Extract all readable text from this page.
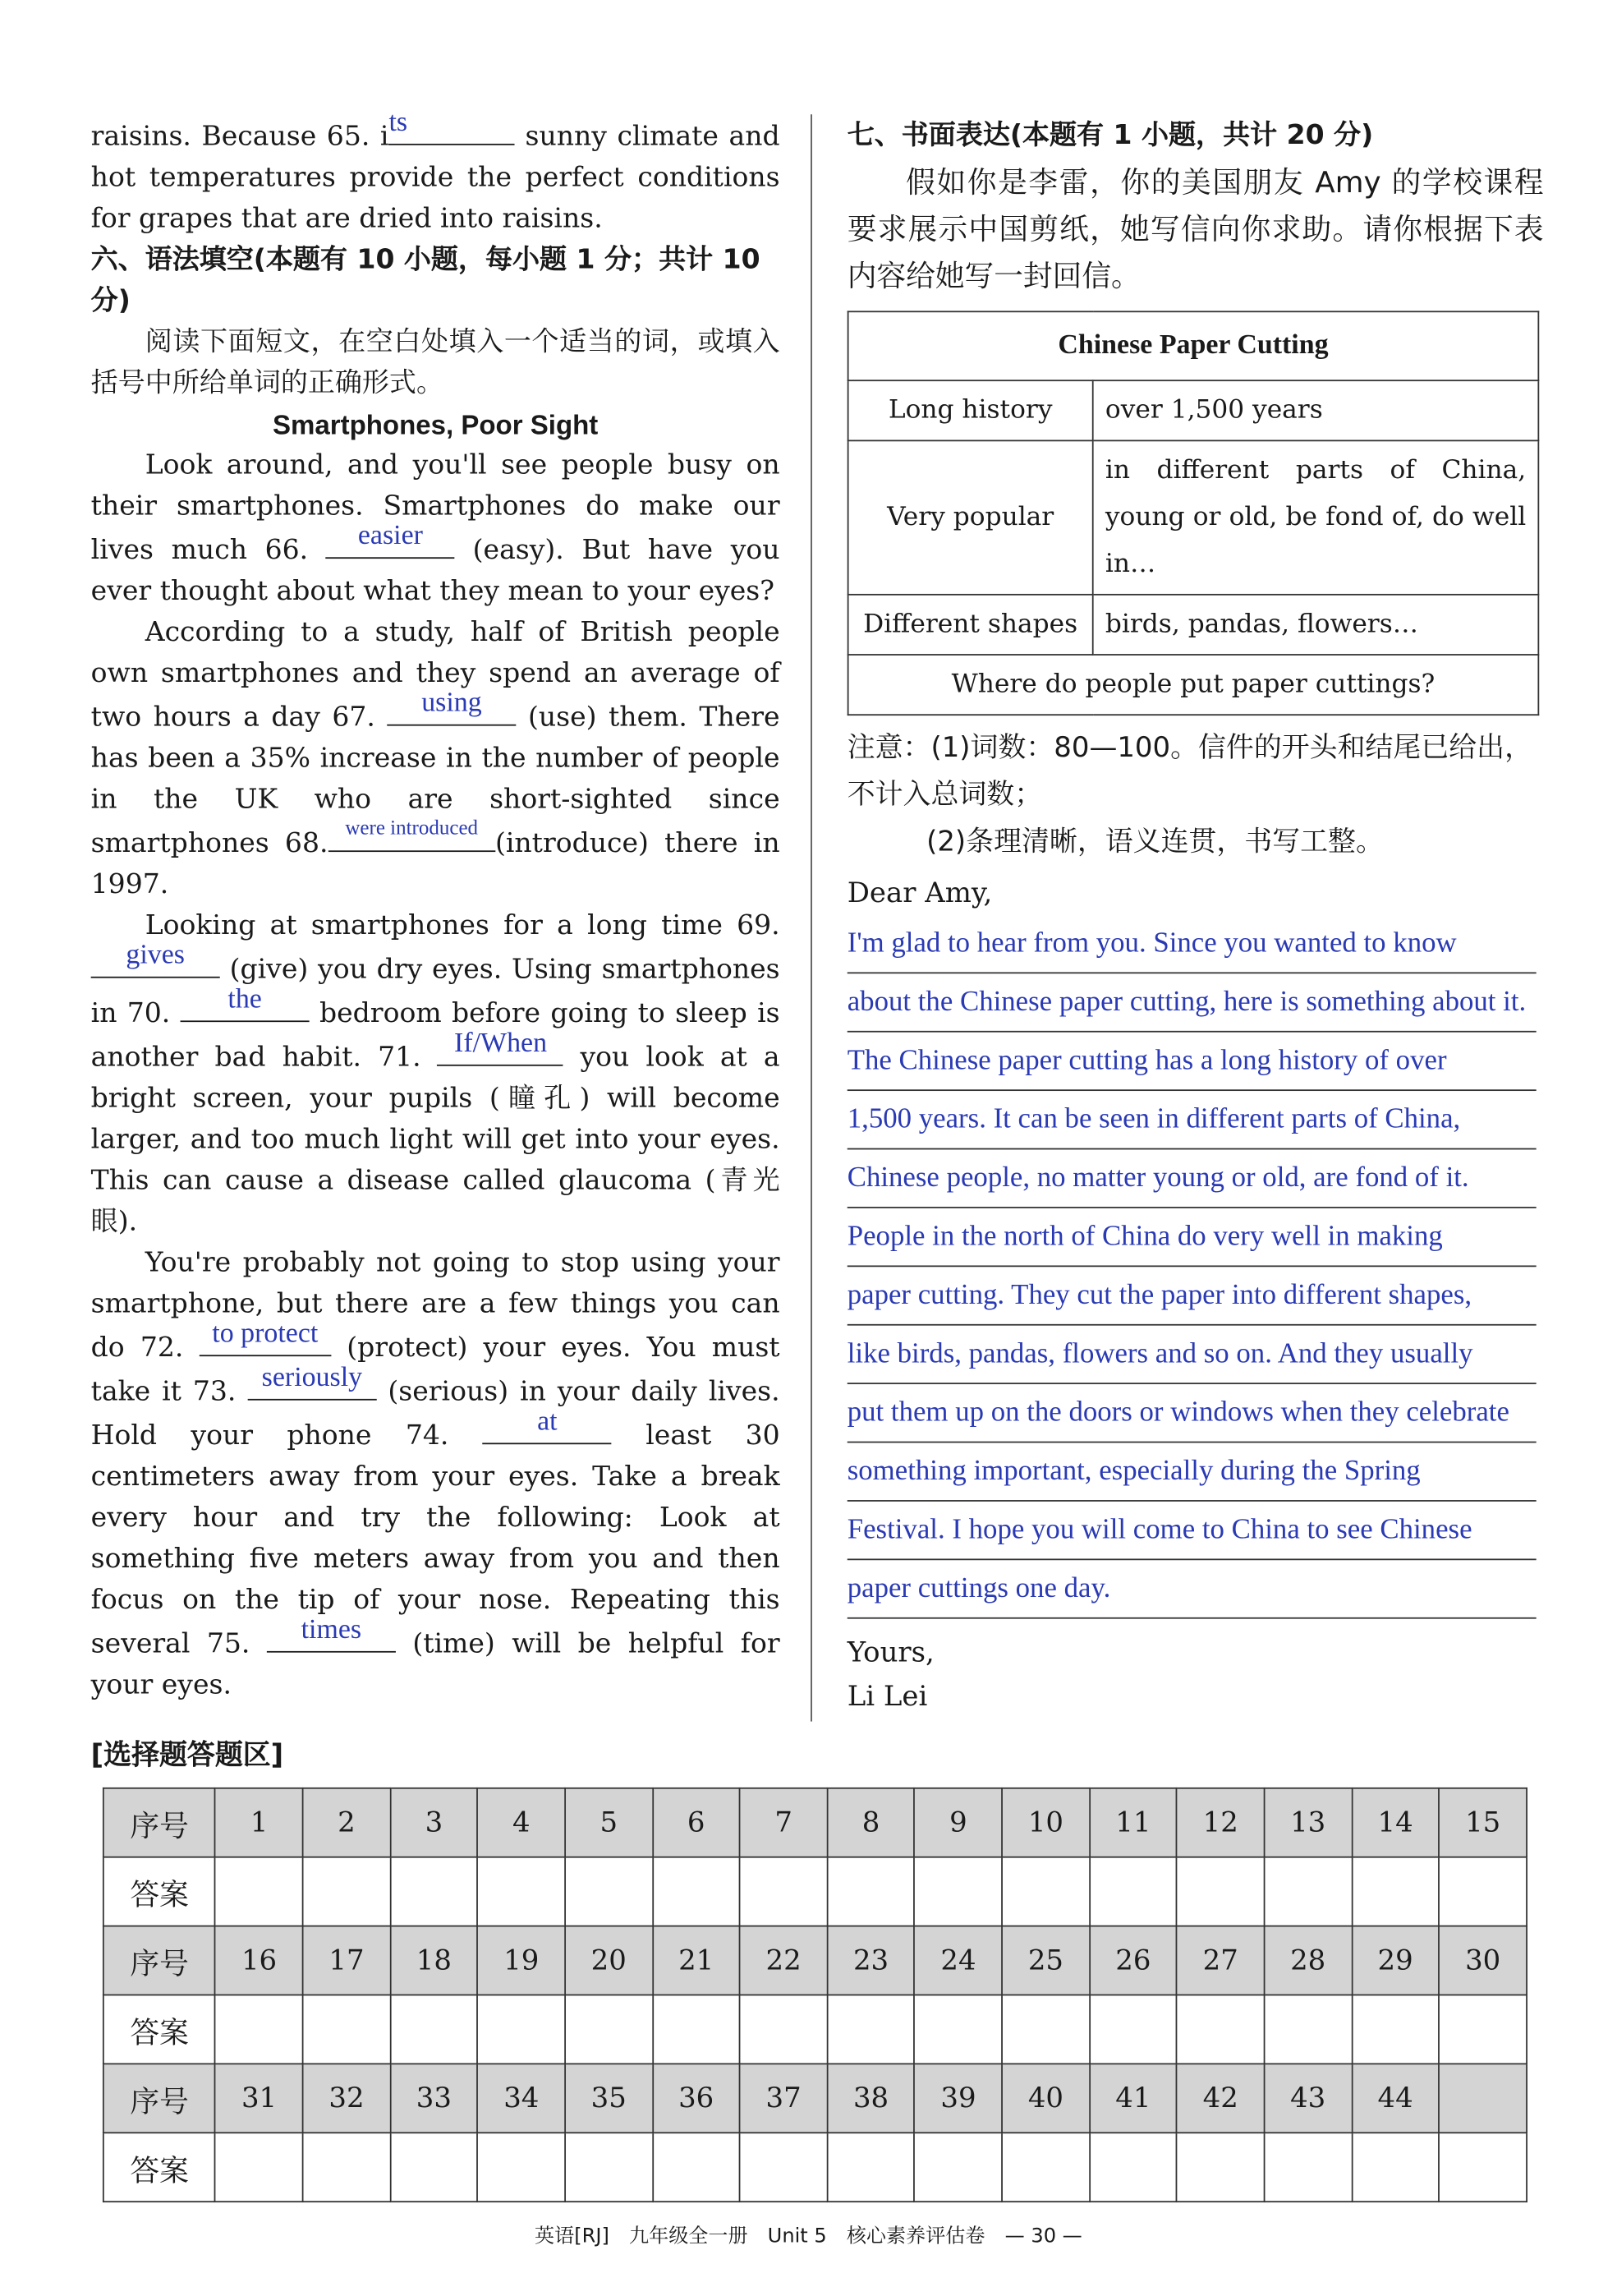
raisins. Because 65. i ts	sunny climate and hot temperatures provide the perfect conditions for grapes that are dried into raisins.

六、语法填空(本题有 10 小题，每小题 1 分；共计 10 分)

阅读下面短文，在空白处填入一个适当的词，或填入括号中所给单词的正确形式。

Smartphones, Poor Sight

Look around, and you'll see people busy on their smartphones. Smartphones do make our lives much 66.	easier	(easy). But have you ever thought about what they mean to your eyes?

According to a study, half of British people own smartphones and they spend an average of two hours a day 67.	using	(use) them. There has been a 35% increase in the number of people in the UK who are short-sighted since smartphones 68.	were introduced	(introduce) there in 1997.

Looking at smartphones for a long time 69.
gives	(give) you dry eyes. Using smartphones in 70.	the	bedroom before going to sleep is another bad habit. 71.	If/When	you look at a bright screen, your pupils (瞳孔) will become larger, and too much light will get into your eyes. This can cause a disease called glaucoma (青光眼).

You're probably not going to stop using your smartphone, but there are a few things you can do 72.	to protect	(protect) your eyes. You must take it 73.	seriously	(serious) in your daily lives. Hold your phone 74.	at	least 30 centimeters away from your eyes. Take a break every hour and try the following: Look at something five meters away from you and then focus on the tip of your nose. Repeating this several 75.	times	(time) will be helpful for your eyes.

七、书面表达(本题有 1 小题，共计 20 分)

假如你是李雷，你的美国朋友 Amy 的学校课程要求展示中国剪纸，她写信向你求助。请你根据下表内容给她写一封回信。

Chinese Paper Cutting	
Long history	over 1,500 years
Very popular	in different parts of China, young or old, be fond of, do well in…
Different shapes	birds, pandas, flowers…
Where do people put paper cuttings?	
注意：(1)词数：80—100。信件的开头和结尾已给出，不计入总词数；
(2)条理清晰，语义连贯，书写工整。

Dear Amy,

I'm glad to hear from you. Since you wanted to know

about the Chinese paper cutting, here is something about it.

The Chinese paper cutting has a long history of over

1,500 years. It can be seen in different parts of China,

Chinese people, no matter young or old, are fond of it.

People in the north of China do very well in making

paper cutting. They cut the paper into different shapes,

like birds, pandas, flowers and so on. And they usually

put them up on the doors or windows when they celebrate

something important, especially during the Spring

Festival. I hope you will come to China to see Chinese

paper cuttings one day.

Yours,

Li Lei

[选择题答题区]
序号	1	2	3	4	5	6	7	8	9	10	11	12	13	14	15
答案															
序号	16	17	18	19	20	21	22	23	24	25	26	27	28	29	30
答案															
序号	31	32	33	34	35	36	37	38	39	40	41	42	43	44	
答案															
英语[RJ]　九年级全一册　Unit 5　核心素养评估卷　— 30 —
